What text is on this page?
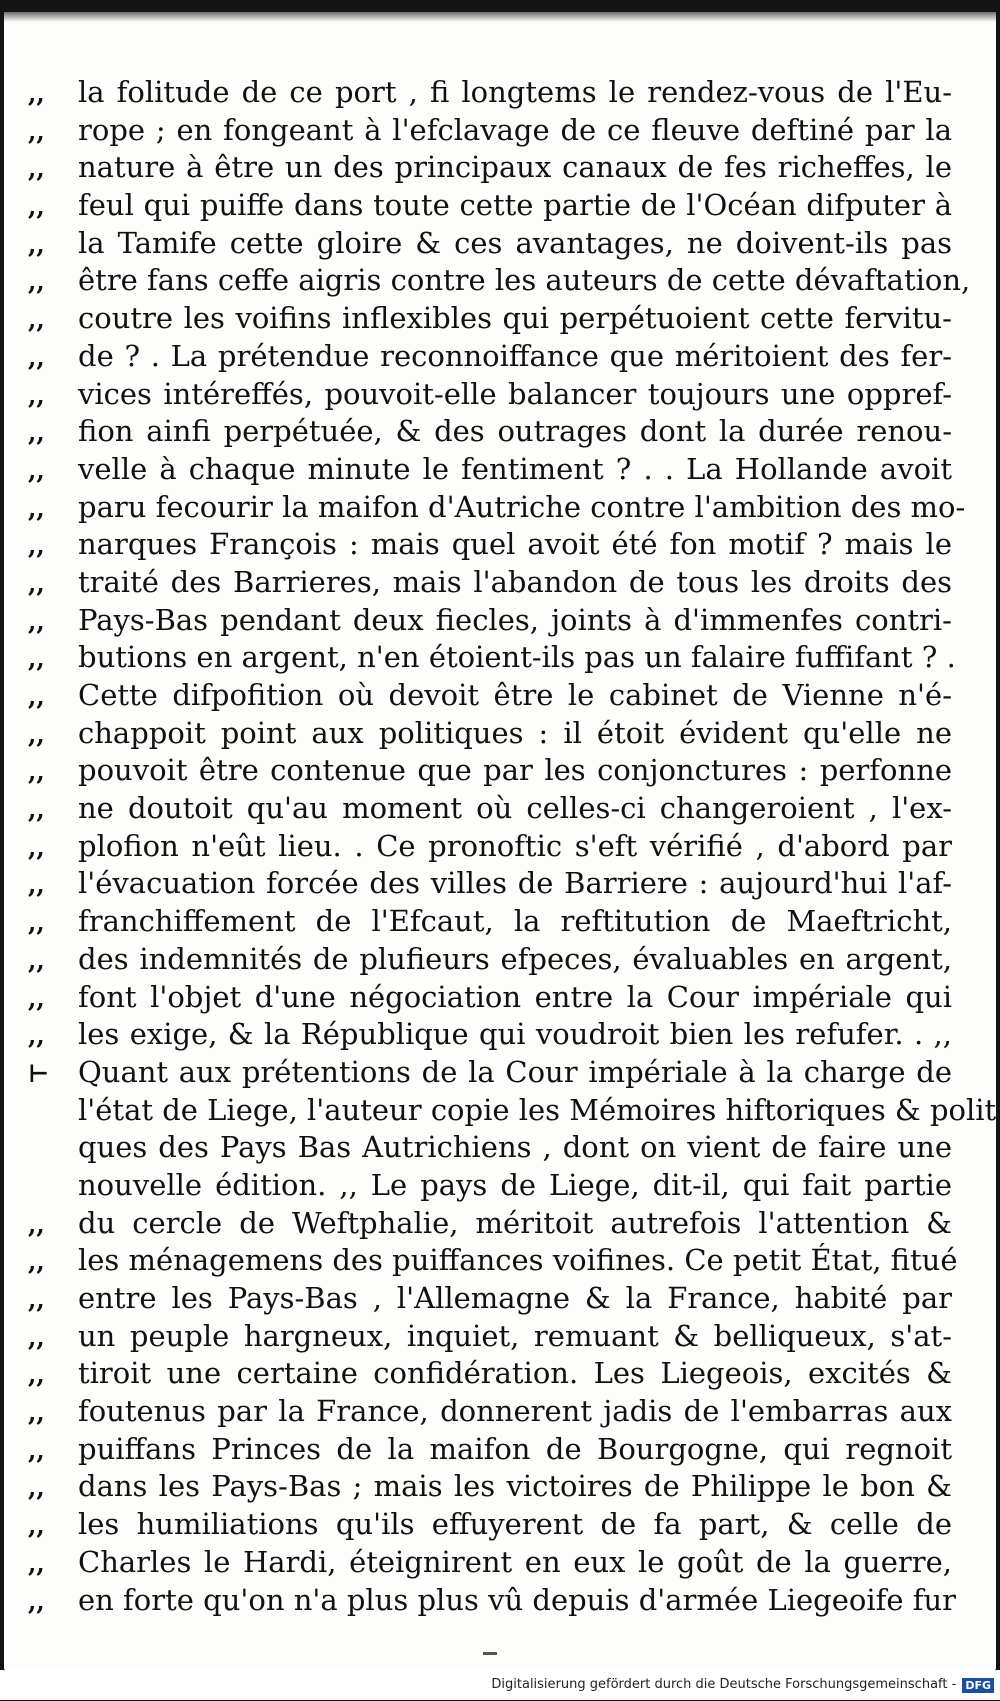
,,	la folitude de ce port , fi longtems le rendez-vous de l'Eu-
,,	rope ; en fongeant à l'efclavage de ce fleuve deftiné par la
,,	nature à être un des principaux canaux de fes richeffes, le
,,	feul qui puiffe dans toute cette partie de l'Océan difputer à
,,	la Tamife cette gloire & ces avantages, ne doivent-ils pas
,,	être fans ceffe aigris contre les auteurs de cette dévaftation,
,,	coutre les voifins inflexibles qui perpétuoient cette fervitu-
,,	de ? . La prétendue reconnoiffance que méritoient des fer-
,,	vices intéreffés, pouvoit-elle balancer toujours une oppref-
,,	fion ainfi perpétuée, & des outrages dont la durée renou-
,,	velle à chaque minute le fentiment ? . . La Hollande avoit
,,	paru fecourir la maifon d'Autriche contre l'ambition des mo-
,,	narques François : mais quel avoit été fon motif ? mais le
,,	traité des Barrieres, mais l'abandon de tous les droits des
,,	Pays-Bas pendant deux fiecles, joints à d'immenfes contri-
,,	butions en argent, n'en étoient-ils pas un falaire fuffifant ? .
,,	Cette difpofition où devoit être le cabinet de Vienne n'é-
,,	chappoit point aux politiques : il étoit évident qu'elle ne
,,	pouvoit être contenue que par les conjonctures : perfonne
,,	ne doutoit qu'au moment où celles-ci changeroient , l'ex-
,,	plofion n'eût lieu. . Ce pronoftic s'eft vérifié , d'abord par
,,	l'évacuation forcée des villes de Barriere : aujourd'hui l'af-
,,	franchiffement de l'Efcaut, la reftitution de Maeftricht,
,,	des indemnités de plufieurs efpeces, évaluables en argent,
,,	font l'objet d'une négociation entre la Cour impériale qui
,,	les exige, & la République qui voudroit bien les refufer. . ,,
⊢ Quant aux prétentions de la Cour impériale à la charge de
l'état de Liege, l'auteur copie les Mémoires hiftoriques & politi-
ques des Pays Bas Autrichiens , dont on vient de faire une
nouvelle édition. ,, Le pays de Liege, dit-il, qui fait partie
,,	du cercle de Weftphalie, méritoit autrefois l'attention &
,,	les ménagemens des puiffances voifines. Ce petit État, fitué
,,	entre les Pays-Bas , l'Allemagne & la France, habité par
,,	un peuple hargneux, inquiet, remuant & belliqueux, s'at-
,,	tiroit une certaine confidération. Les Liegeois, excités &
,,	foutenus par la France, donnerent jadis de l'embarras aux
,,	puiffans Princes de la maifon de Bourgogne, qui regnoit
,,	dans les Pays-Bas ; mais les victoires de Philippe le bon &
,,	les humiliations qu'ils effuyerent de fa part, & celle de
,,	Charles le Hardi, éteignirent en eux le goût de la guerre,
,,	en forte qu'on n'a plus plus vû depuis d'armée Liegeoife fur
Digitalisierung gefördert durch die Deutsche Forschungsgemeinschaft - DFG
